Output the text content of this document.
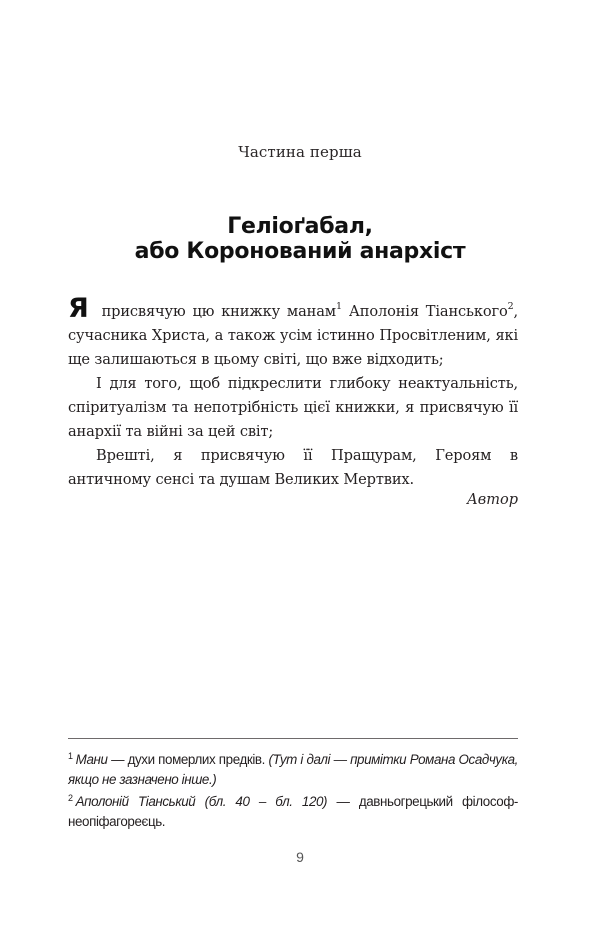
Частина перша
Геліоґабал,
або Коронований анархіст

Я присвячую цю книжку манам$^1$ Аполонія Тіанського$^2$, сучасника Христа, а також усім істинно Просвітленим, які ще залишаються в цьому світі, що вже відходить;

І для того, щоб підкреслити глибоку неактуальність, спіритуалізм та непотрібність цієї книжки, я присвячую її анархії та війні за цей світ;

Врешті, я присвячую її Пращурам, Героям в античному сенсі та душам Великих Мертвих.

Автор

$^1$ Мани — духи померлих предків. (Тут і далі — примітки Романа Осадчука, якщо не зазначено інше.)

$^2$ Аполоній Тіанський (бл. 40 – бл. 120) — давньогрецький філософ-неопіфагореєць.

9
